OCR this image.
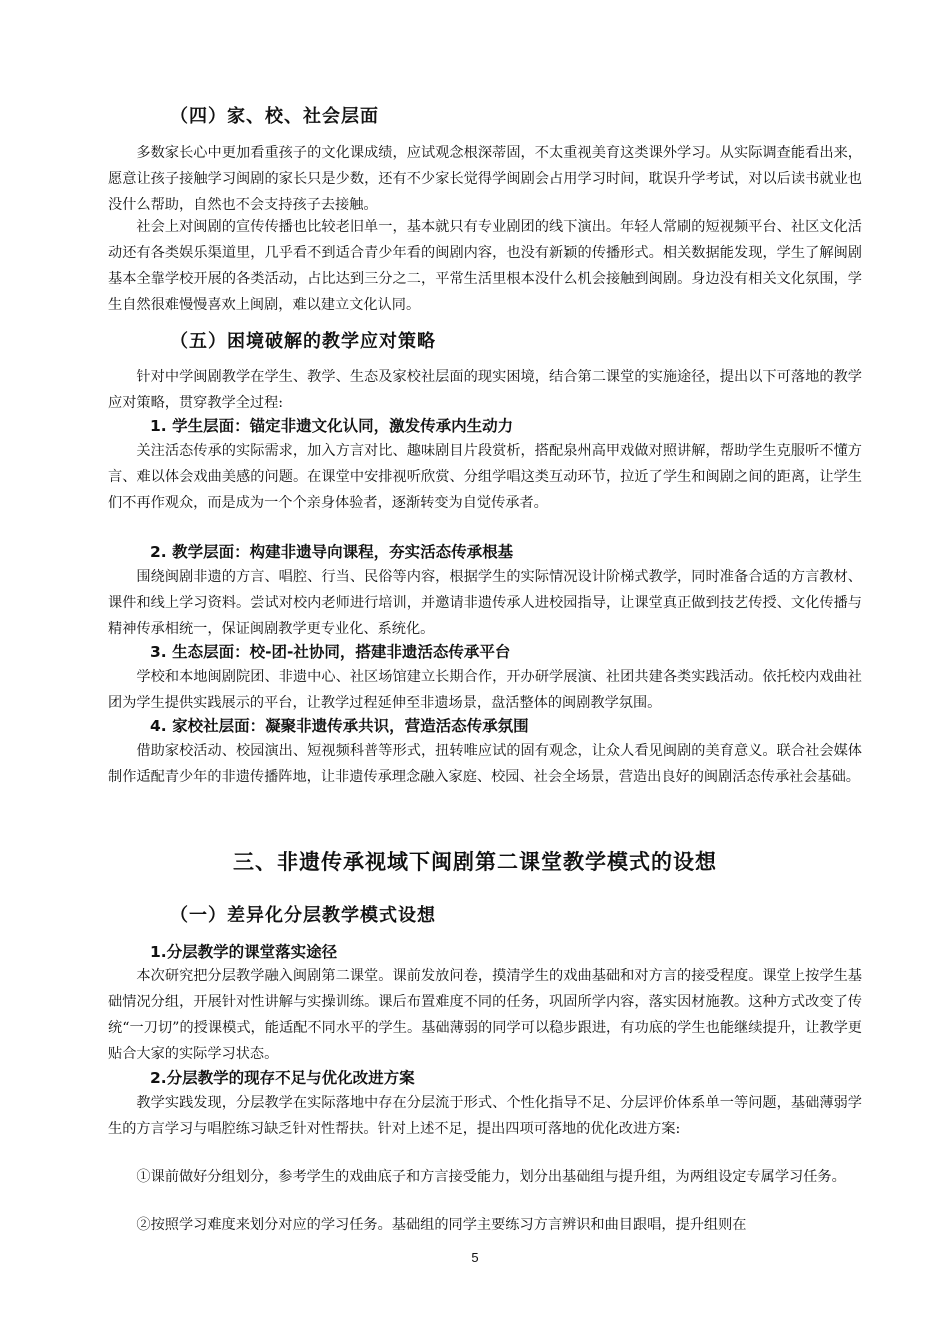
（四）家、校、社会层面

多数家长心中更加看重孩子的文化课成绩，应试观念根深蒂固，不太重视美育这类课外学习。从实际调查能看出来，愿意让孩子接触学习闽剧的家长只是少数，还有不少家长觉得学闽剧会占用学习时间，耽误升学考试，对以后读书就业也没什么帮助，自然也不会支持孩子去接触。

社会上对闽剧的宣传传播也比较老旧单一，基本就只有专业剧团的线下演出。年轻人常刷的短视频平台、社区文化活动还有各类娱乐渠道里，几乎看不到适合青少年看的闽剧内容，也没有新颖的传播形式。相关数据能发现，学生了解闽剧基本全靠学校开展的各类活动，占比达到三分之二，平常生活里根本没什么机会接触到闽剧。身边没有相关文化氛围，学生自然很难慢慢喜欢上闽剧，难以建立文化认同。

（五）困境破解的教学应对策略

针对中学闽剧教学在学生、教学、生态及家校社层面的现实困境，结合第二课堂的实施途径，提出以下可落地的教学应对策略，贯穿教学全过程:

1. 学生层面：锚定非遗文化认同，激发传承内生动力

关注活态传承的实际需求，加入方言对比、趣味剧目片段赏析，搭配泉州高甲戏做对照讲解，帮助学生克服听不懂方言、难以体会戏曲美感的问题。在课堂中安排视听欣赏、分组学唱这类互动环节，拉近了学生和闽剧之间的距离，让学生们不再作观众，而是成为一个个亲身体验者，逐渐转变为自觉传承者。

2. 教学层面：构建非遗导向课程，夯实活态传承根基

围绕闽剧非遗的方言、唱腔、行当、民俗等内容，根据学生的实际情况设计阶梯式教学，同时准备合适的方言教材、课件和线上学习资料。尝试对校内老师进行培训，并邀请非遗传承人进校园指导，让课堂真正做到技艺传授、文化传播与精神传承相统一，保证闽剧教学更专业化、系统化。

3. 生态层面：校-团-社协同，搭建非遗活态传承平台

学校和本地闽剧院团、非遗中心、社区场馆建立长期合作，开办研学展演、社团共建各类实践活动。依托校内戏曲社团为学生提供实践展示的平台，让教学过程延伸至非遗场景，盘活整体的闽剧教学氛围。

4. 家校社层面：凝聚非遗传承共识，营造活态传承氛围

借助家校活动、校园演出、短视频科普等形式，扭转唯应试的固有观念，让众人看见闽剧的美育意义。联合社会媒体制作适配青少年的非遗传播阵地，让非遗传承理念融入家庭、校园、社会全场景，营造出良好的闽剧活态传承社会基础。

三、非遗传承视域下闽剧第二课堂教学模式的设想
（一）差异化分层教学模式设想
1.分层教学的课堂落实途径

本次研究把分层教学融入闽剧第二课堂。课前发放问卷，摸清学生的戏曲基础和对方言的接受程度。课堂上按学生基础情况分组，开展针对性讲解与实操训练。课后布置难度不同的任务，巩固所学内容，落实因材施教。这种方式改变了传统“一刀切”的授课模式，能适配不同水平的学生。基础薄弱的同学可以稳步跟进，有功底的学生也能继续提升，让教学更贴合大家的实际学习状态。

2.分层教学的现存不足与优化改进方案

教学实践发现，分层教学在实际落地中存在分层流于形式、个性化指导不足、分层评价体系单一等问题，基础薄弱学生的方言学习与唱腔练习缺乏针对性帮扶。针对上述不足，提出四项可落地的优化改进方案:

①课前做好分组划分，参考学生的戏曲底子和方言接受能力，划分出基础组与提升组，为两组设定专属学习任务。

②按照学习难度来划分对应的学习任务。基础组的同学主要练习方言辨识和曲目跟唱，提升组则在

5
